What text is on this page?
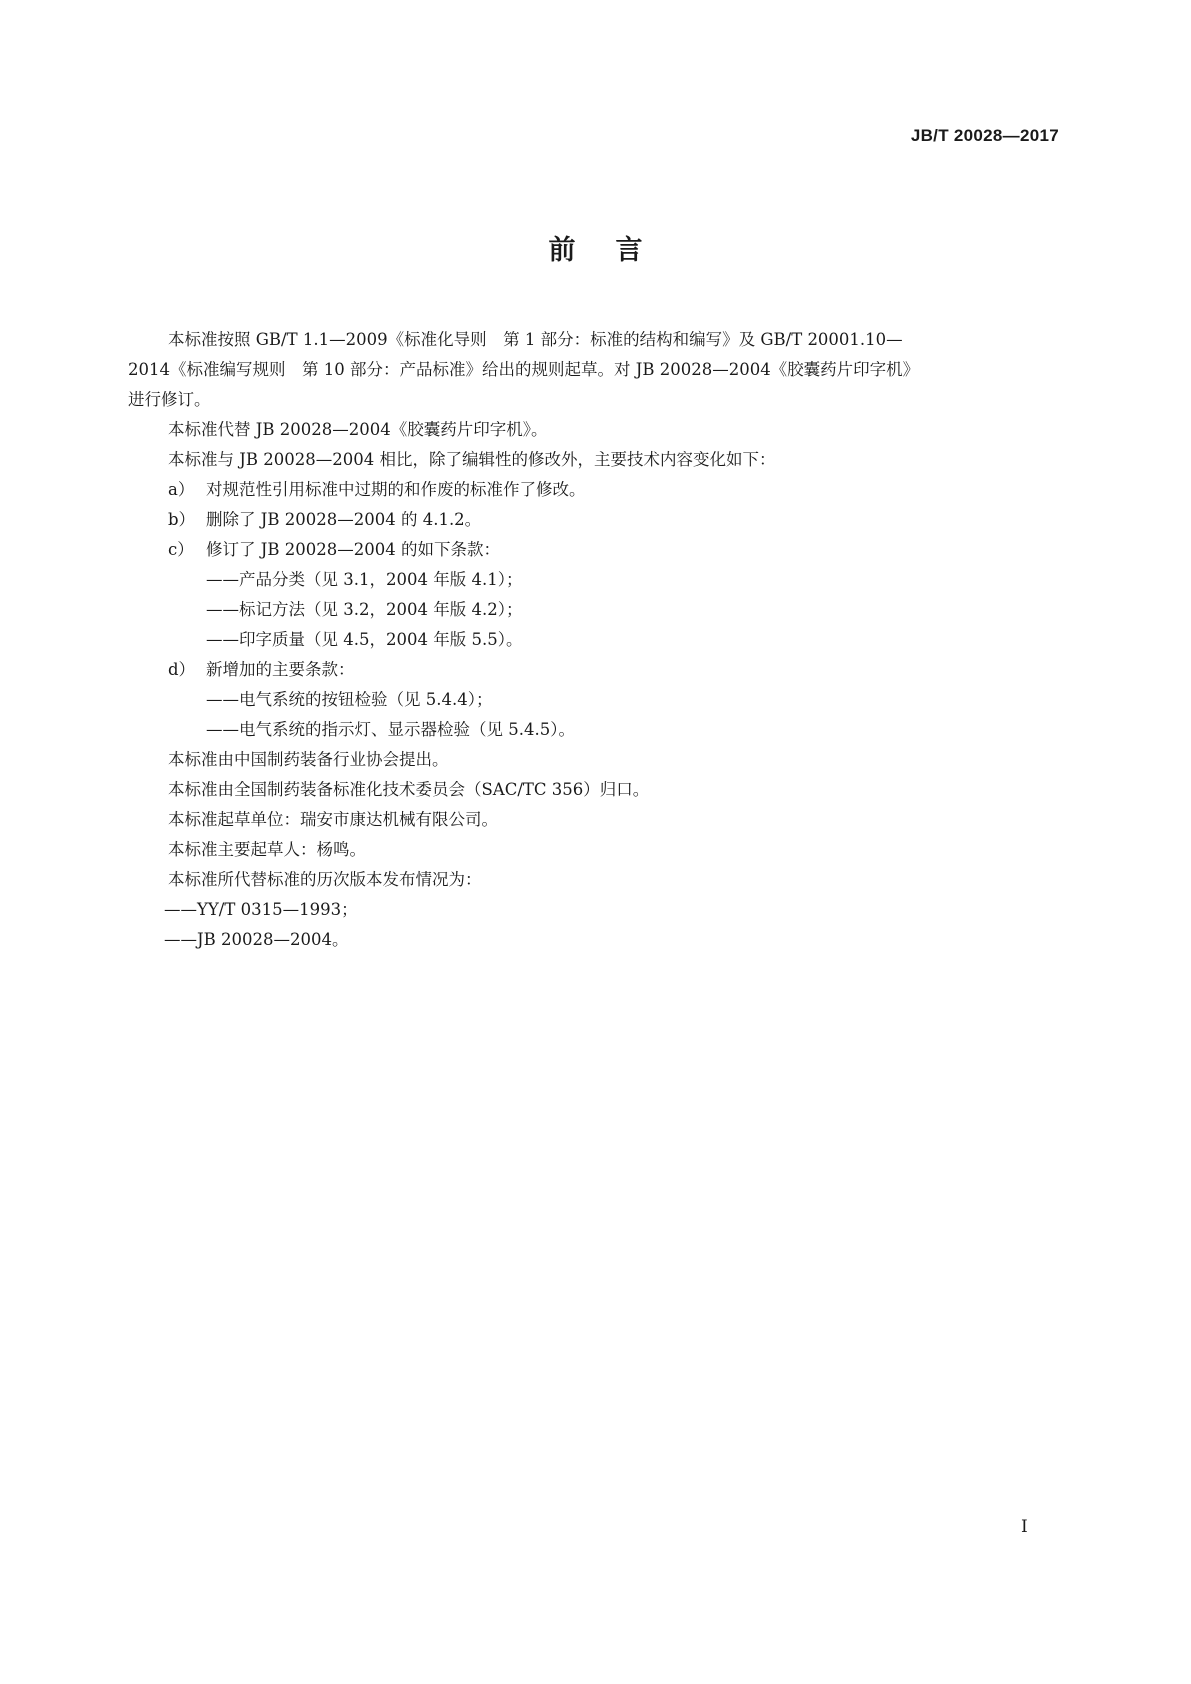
JB/T 20028—2017
前言
本标准按照 GB/T 1.1—2009《标准化导则　第 1 部分：标准的结构和编写》及 GB/T 20001.10—
2014《标准编写规则　第 10 部分：产品标准》给出的规则起草。对 JB 20028—2004《胶囊药片印字机》
进行修订。
本标准代替 JB 20028—2004《胶囊药片印字机》。
本标准与 JB 20028—2004 相比，除了编辑性的修改外，主要技术内容变化如下：
a） 对规范性引用标准中过期的和作废的标准作了修改。
b） 删除了 JB 20028—2004 的 4.1.2。
c） 修订了 JB 20028—2004 的如下条款：
——产品分类（见 3.1，2004 年版 4.1）；
——标记方法（见 3.2，2004 年版 4.2）；
——印字质量（见 4.5，2004 年版 5.5）。
d） 新增加的主要条款：
——电气系统的按钮检验（见 5.4.4）；
——电气系统的指示灯、显示器检验（见 5.4.5）。
本标准由中国制药装备行业协会提出。
本标准由全国制药装备标准化技术委员会（SAC/TC 356）归口。
本标准起草单位：瑞安市康达机械有限公司。
本标准主要起草人：杨鸣。
本标准所代替标准的历次版本发布情况为：
——YY/T 0315—1993；
——JB 20028—2004。
I
